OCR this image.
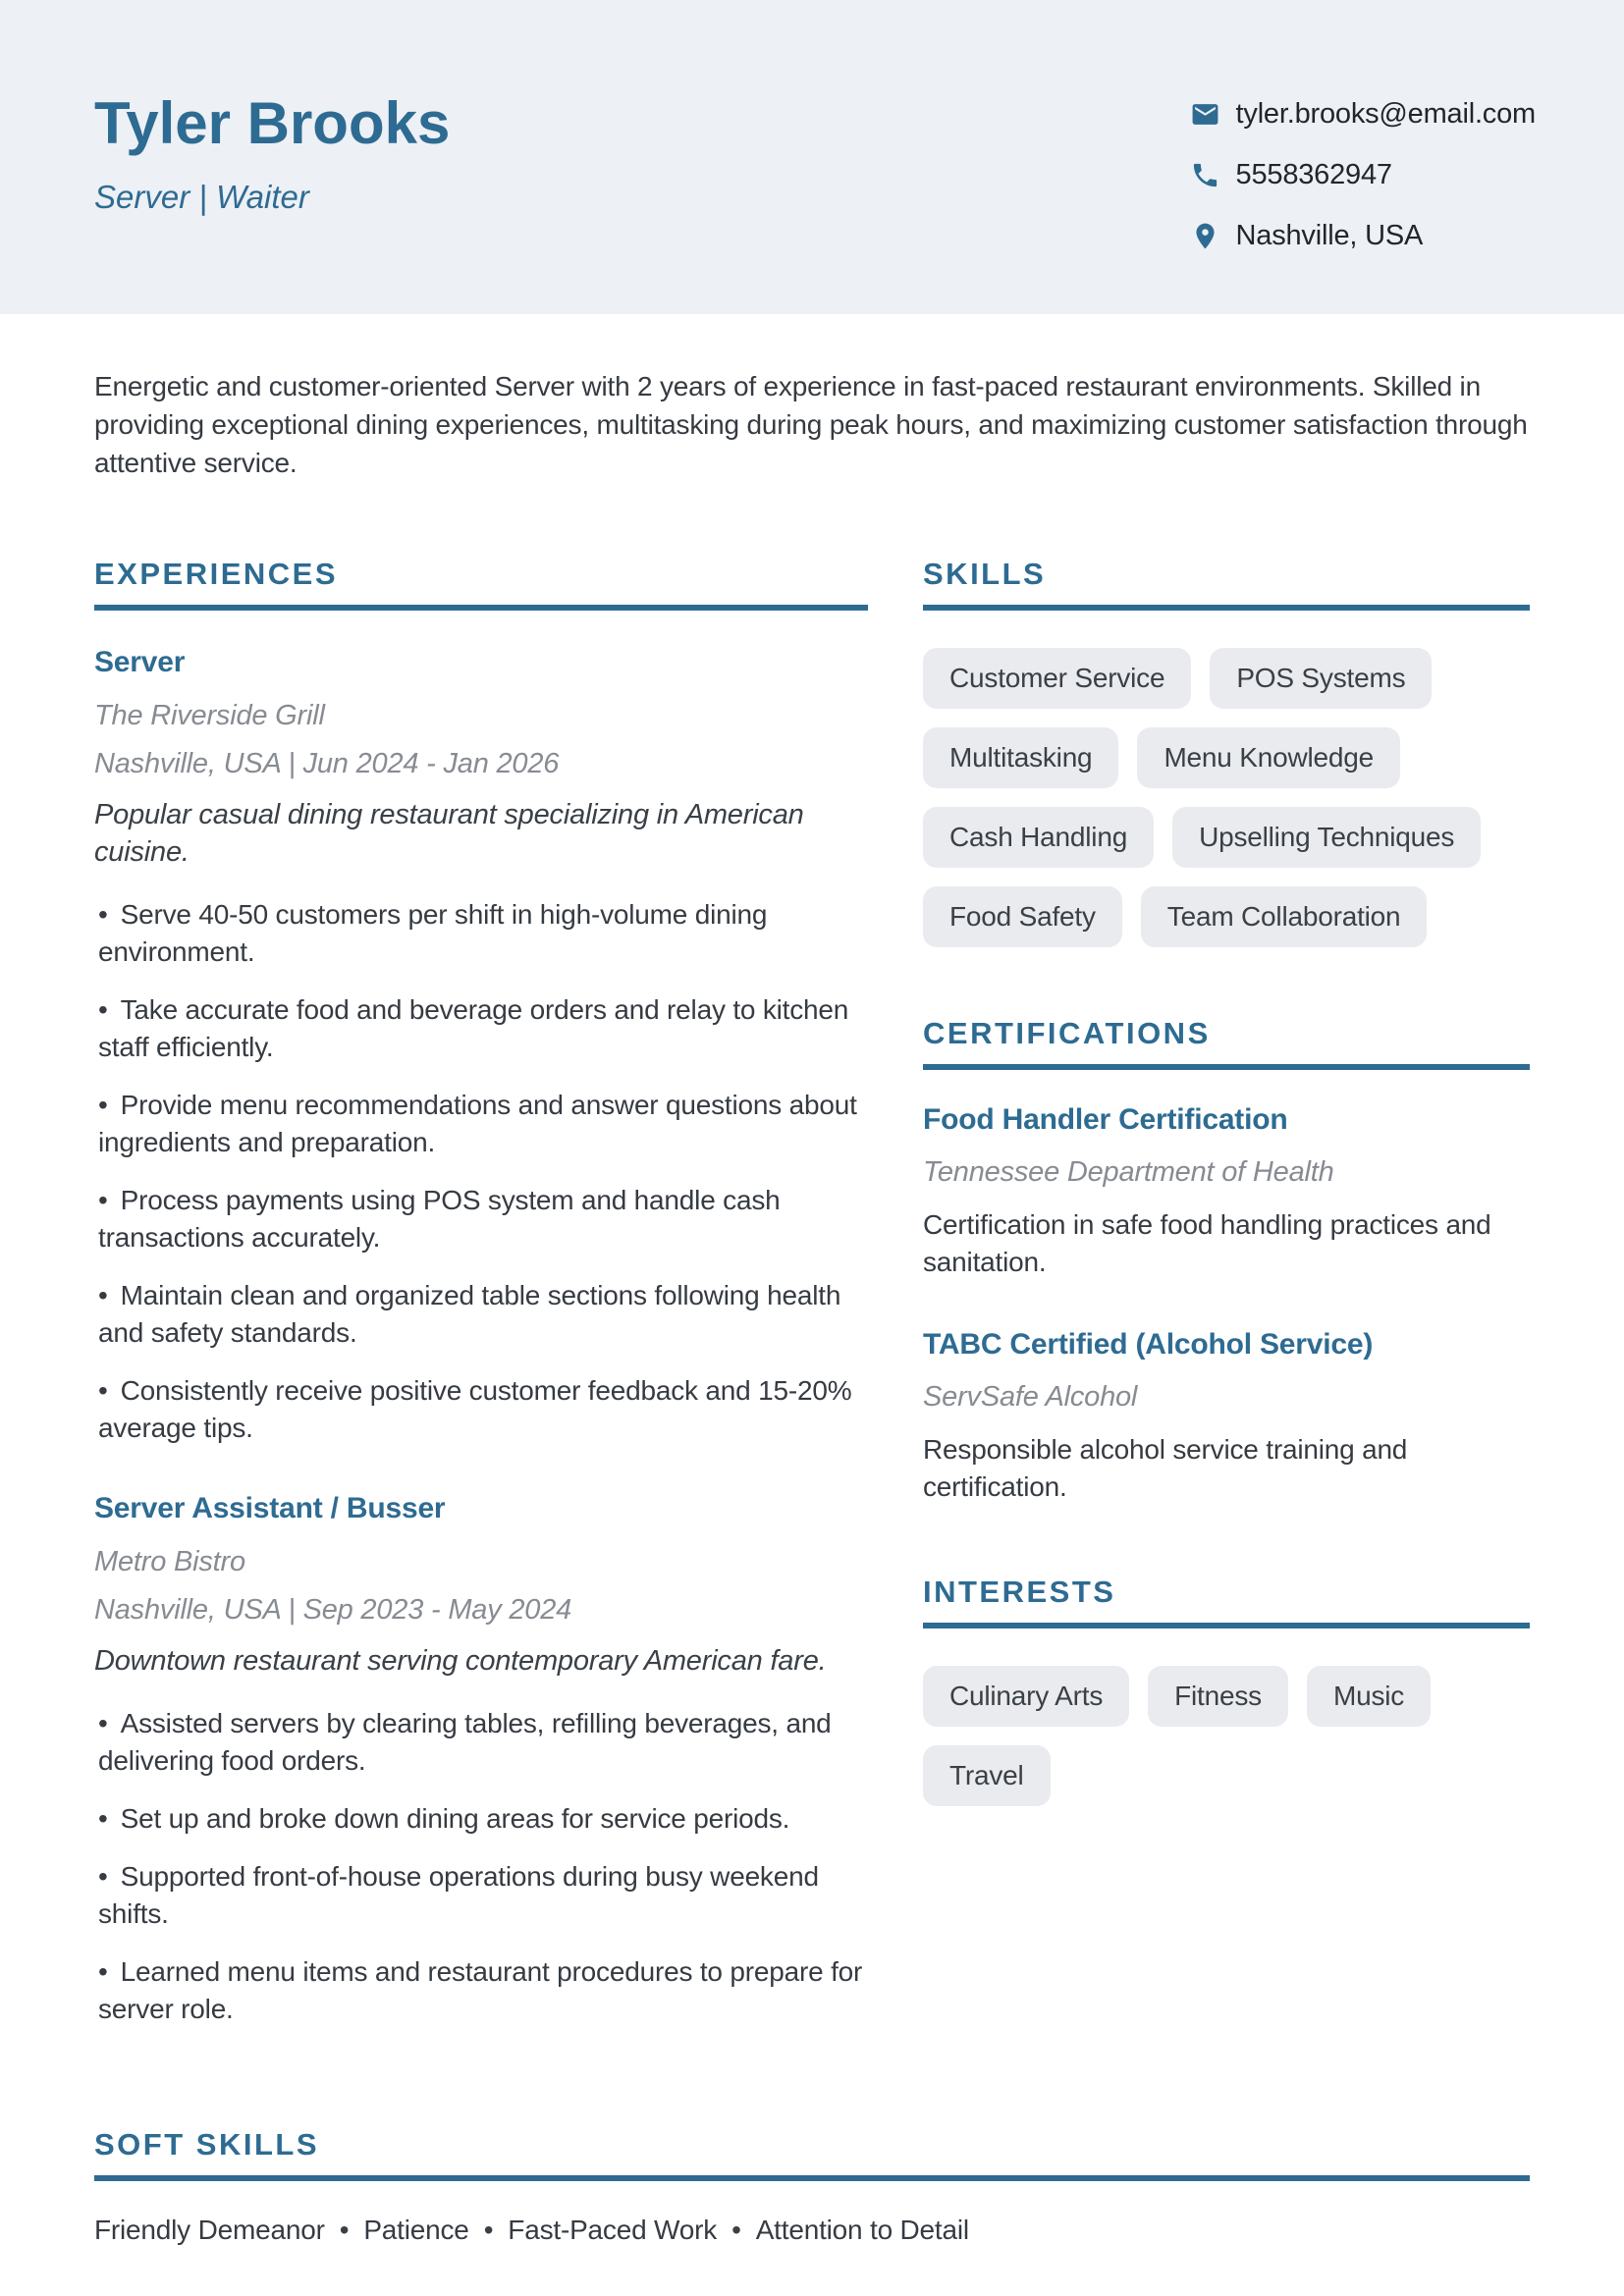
Tyler Brooks
Server | Waiter
tyler.brooks@email.com
5558362947
Nashville, USA
Energetic and customer-oriented Server with 2 years of experience in fast-paced restaurant environments. Skilled in providing exceptional dining experiences, multitasking during peak hours, and maximizing customer satisfaction through attentive service.
EXPERIENCES
Server
The Riverside Grill
Nashville, USA | Jun 2024 - Jan 2026
Popular casual dining restaurant specializing in American cuisine.
• Serve 40-50 customers per shift in high-volume dining environment.
• Take accurate food and beverage orders and relay to kitchen staff efficiently.
• Provide menu recommendations and answer questions about ingredients and preparation.
• Process payments using POS system and handle cash transactions accurately.
• Maintain clean and organized table sections following health and safety standards.
• Consistently receive positive customer feedback and 15-20% average tips.
Server Assistant / Busser
Metro Bistro
Nashville, USA | Sep 2023 - May 2024
Downtown restaurant serving contemporary American fare.
• Assisted servers by clearing tables, refilling beverages, and delivering food orders.
• Set up and broke down dining areas for service periods.
• Supported front-of-house operations during busy weekend shifts.
• Learned menu items and restaurant procedures to prepare for server role.
SKILLS
Customer Service	POS Systems
Multitasking	Menu Knowledge
Cash Handling	Upselling Techniques
Food Safety	Team Collaboration
CERTIFICATIONS
Food Handler Certification
Tennessee Department of Health
Certification in safe food handling practices and sanitation.
TABC Certified (Alcohol Service)
ServSafe Alcohol
Responsible alcohol service training and certification.
INTERESTS
Culinary Arts	Fitness	Music
Travel
SOFT SKILLS
Friendly Demeanor • Patience • Fast-Paced Work • Attention to Detail
